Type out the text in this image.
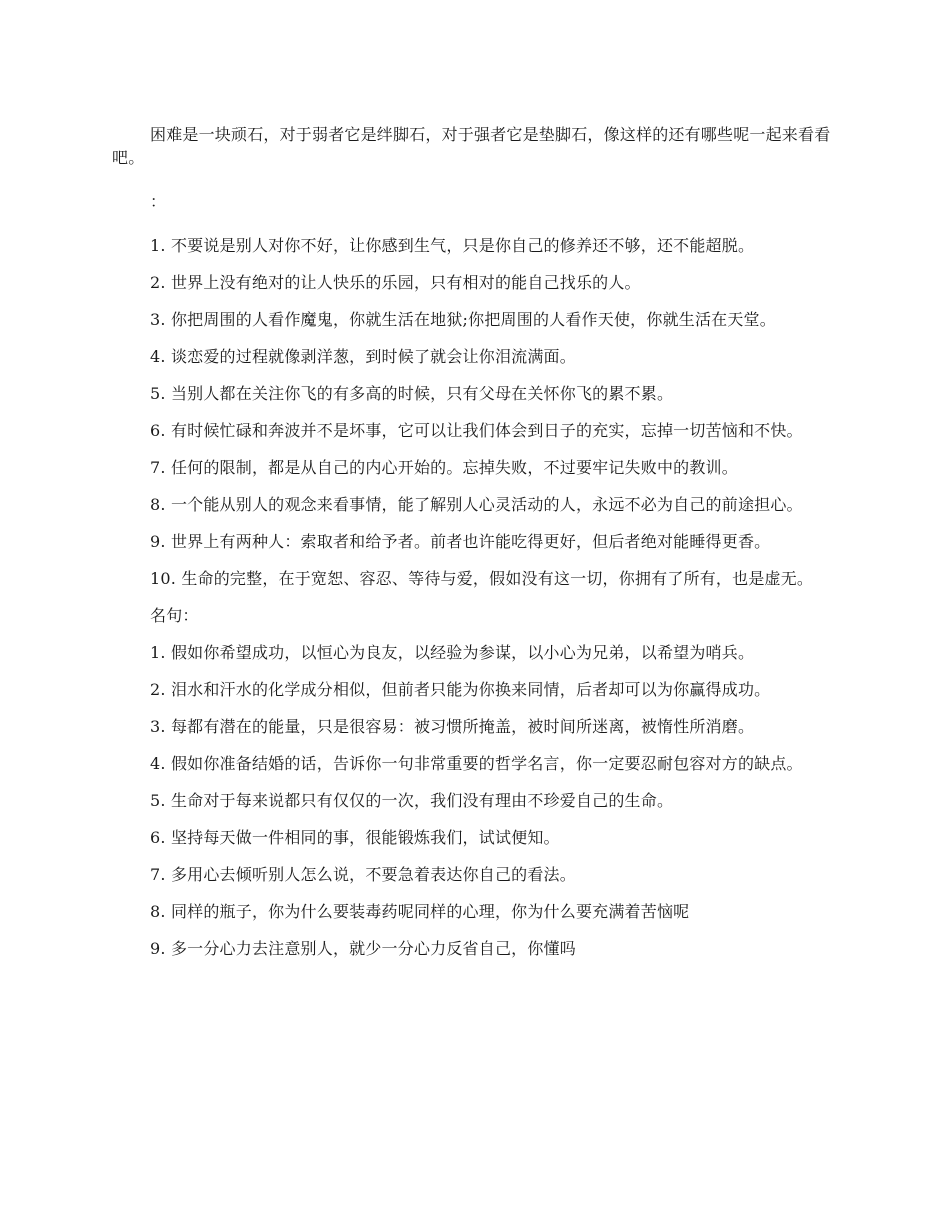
困难是一块顽石，对于弱者它是绊脚石，对于强者它是垫脚石，像这样的还有哪些呢一起来看看吧。

：

1. 不要说是别人对你不好，让你感到生气，只是你自己的修养还不够，还不能超脱。

2. 世界上没有绝对的让人快乐的乐园，只有相对的能自己找乐的人。

3. 你把周围的人看作魔鬼，你就生活在地狱;你把周围的人看作天使，你就生活在天堂。

4. 谈恋爱的过程就像剥洋葱，到时候了就会让你泪流满面。

5. 当别人都在关注你飞的有多高的时候，只有父母在关怀你飞的累不累。

6. 有时候忙碌和奔波并不是坏事，它可以让我们体会到日子的充实，忘掉一切苦恼和不快。

7. 任何的限制，都是从自己的内心开始的。忘掉失败，不过要牢记失败中的教训。

8. 一个能从别人的观念来看事情，能了解别人心灵活动的人，永远不必为自己的前途担心。

9. 世界上有两种人：索取者和给予者。前者也许能吃得更好，但后者绝对能睡得更香。

10. 生命的完整，在于宽恕、容忍、等待与爱，假如没有这一切，你拥有了所有，也是虚无。

名句：

1. 假如你希望成功，以恒心为良友，以经验为参谋，以小心为兄弟，以希望为哨兵。

2. 泪水和汗水的化学成分相似，但前者只能为你换来同情，后者却可以为你赢得成功。

3. 每都有潜在的能量，只是很容易：被习惯所掩盖，被时间所迷离，被惰性所消磨。

4. 假如你准备结婚的话，告诉你一句非常重要的哲学名言，你一定要忍耐包容对方的缺点。

5. 生命对于每来说都只有仅仅的一次，我们没有理由不珍爱自己的生命。

6. 坚持每天做一件相同的事，很能锻炼我们，试试便知。

7. 多用心去倾听别人怎么说，不要急着表达你自己的看法。

8. 同样的瓶子，你为什么要装毒药呢同样的心理，你为什么要充满着苦恼呢

9. 多一分心力去注意别人，就少一分心力反省自己，你懂吗
